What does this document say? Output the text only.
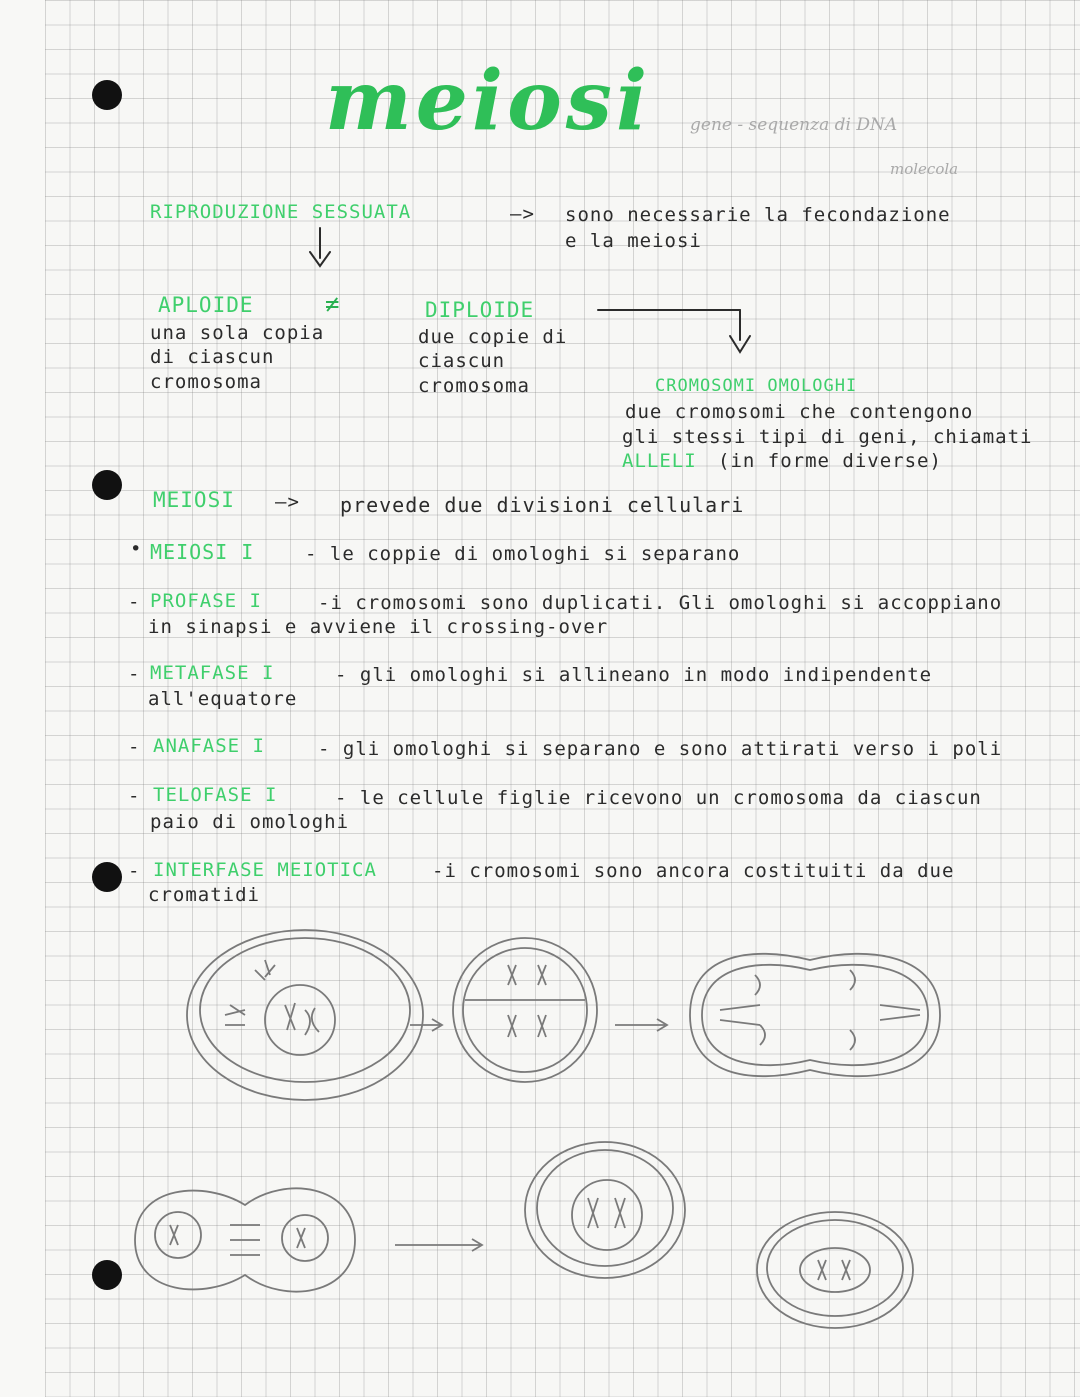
meiosi gene - sequenza di DNA
molecola
RIPRODUZIONE SESSUATA	—> sono necessarie la fecondazione
e la meiosi
APLOIDE	≠
una sola copia
di ciascun
cromosoma
DIPLOIDE
due copie di
ciascun
cromosoma	CROMOSOMI OMOLOGHI
due cromosomi che contengono
gli stessi tipi di geni, chiamati
ALLELI (in forme diverse)
MEIOSI —> prevede due divisioni cellulari
• MEIOSI I	- le coppie di omologhi si separano
- PROFASE I	-i cromosomi sono duplicati. Gli omologhi si accoppiano
in sinapsi e avviene il crossing-over
- METAFASE I	- gli omologhi si allineano in modo indipendente
all'equatore
- ANAFASE I	- gli omologhi si separano e sono attirati verso i poli
- TELOFASE I	- le cellule figlie ricevono un cromosoma da ciascun
paio di omologhi
- INTERFASE MEIOTICA	-i cromosomi sono ancora costituiti da due
cromatidi
